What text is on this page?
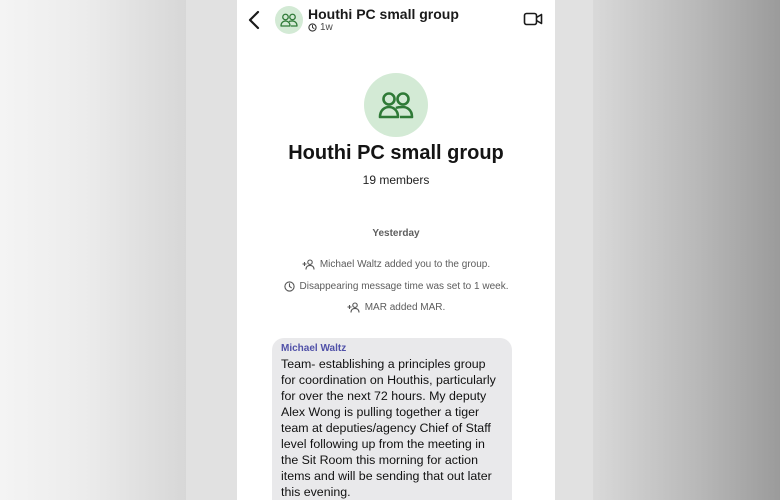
Houthi PC small group
1w
Houthi PC small group
19 members
Yesterday
Michael Waltz added you to the group.
Disappearing message time was set to 1 week.
MAR added MAR.
Michael Waltz
Team- establishing a principles group for coordination on Houthis, particularly for over the next 72 hours. My deputy Alex Wong is pulling together a tiger team at deputies/agency Chief of Staff level following up from the meeting in the Sit Room this morning for action items and will be sending that out later this evening.
